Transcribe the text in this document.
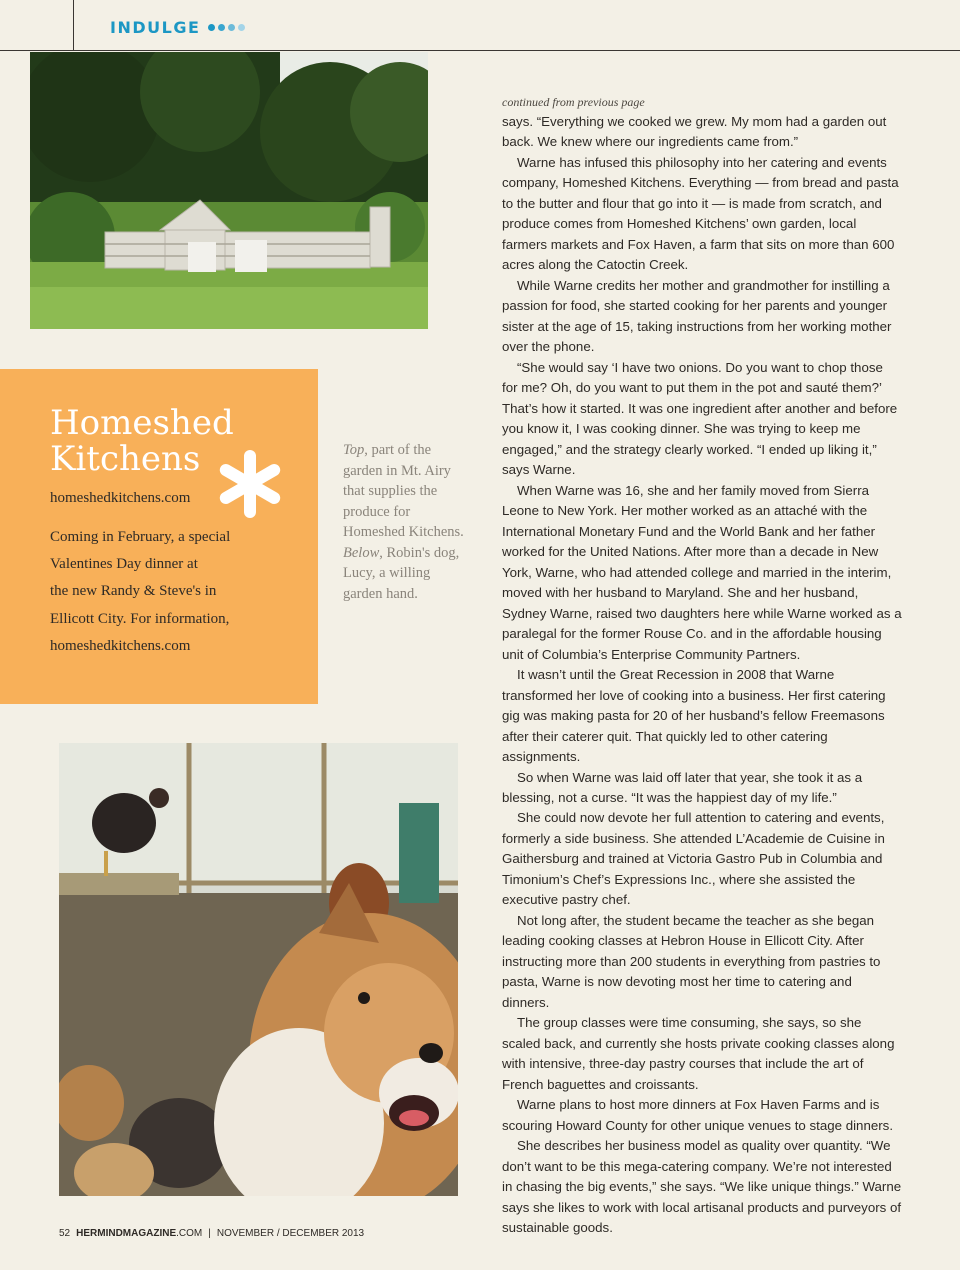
INDULGE
Homeshed
Kitchens
homeshedkitchens.com

Coming in February, a special
Valentines Day dinner at
the new Randy & Steve's in
Ellicott City. For information,
homeshedkitchens.com

Top, part of the garden in Mt. Airy that supplies the produce for Homeshed Kitchens. Below, Robin's dog, Lucy, a willing garden hand.

continued from previous page

says. “Everything we cooked we grew. My mom had a garden out back. We knew where our ingredients came from.”

Warne has infused this philosophy into her catering and events company, Homeshed Kitchens. Everything — from bread and pasta to the butter and flour that go into it — is made from scratch, and produce comes from Homeshed Kitchens’ own garden, local farmers markets and Fox Haven, a farm that sits on more than 600 acres along the Catoctin Creek.

While Warne credits her mother and grandmother for instilling a passion for food, she started cooking for her parents and younger sister at the age of 15, taking instructions from her working mother over the phone.

“She would say ‘I have two onions. Do you want to chop those for me? Oh, do you want to put them in the pot and sauté them?’ That’s how it started. It was one ingredient after another and before you know it, I was cooking dinner. She was trying to keep me engaged,” and the strategy clearly worked. “I ended up liking it,” says Warne.

When Warne was 16, she and her family moved from Sierra Leone to New York. Her mother worked as an attaché with the International Monetary Fund and the World Bank and her father worked for the United Nations. After more than a decade in New York, Warne, who had attended college and married in the interim, moved with her husband to Maryland. She and her husband, Sydney Warne, raised two daughters here while Warne worked as a paralegal for the former Rouse Co. and in the affordable housing unit of Columbia’s Enterprise Community Partners.

It wasn’t until the Great Recession in 2008 that Warne transformed her love of cooking into a business. Her first catering gig was making pasta for 20 of her husband’s fellow Freemasons after their caterer quit. That quickly led to other catering assignments.

So when Warne was laid off later that year, she took it as a blessing, not a curse. “It was the happiest day of my life.”

She could now devote her full attention to catering and events, formerly a side business. She attended L’Academie de Cuisine in Gaithersburg and trained at Victoria Gastro Pub in Columbia and Timonium’s Chef’s Expressions Inc., where she assisted the executive pastry chef.

Not long after, the student became the teacher as she began leading cooking classes at Hebron House in Ellicott City. After instructing more than 200 students in everything from pastries to pasta, Warne is now devoting most her time to catering and dinners.

The group classes were time consuming, she says, so she scaled back, and currently she hosts private cooking classes along with intensive, three-day pastry courses that include the art of French baguettes and croissants.

Warne plans to host more dinners at Fox Haven Farms and is scouring Howard County for other unique venues to stage dinners.

She describes her business model as quality over quantity. “We don’t want to be this mega-catering company. We’re not interested in chasing the big events,” she says. “We like unique things.” Warne says she likes to work with local artisanal products and purveyors of sustainable goods.

52 HERMINDMAGAZINE.COM | NOVEMBER / DECEMBER 2013
